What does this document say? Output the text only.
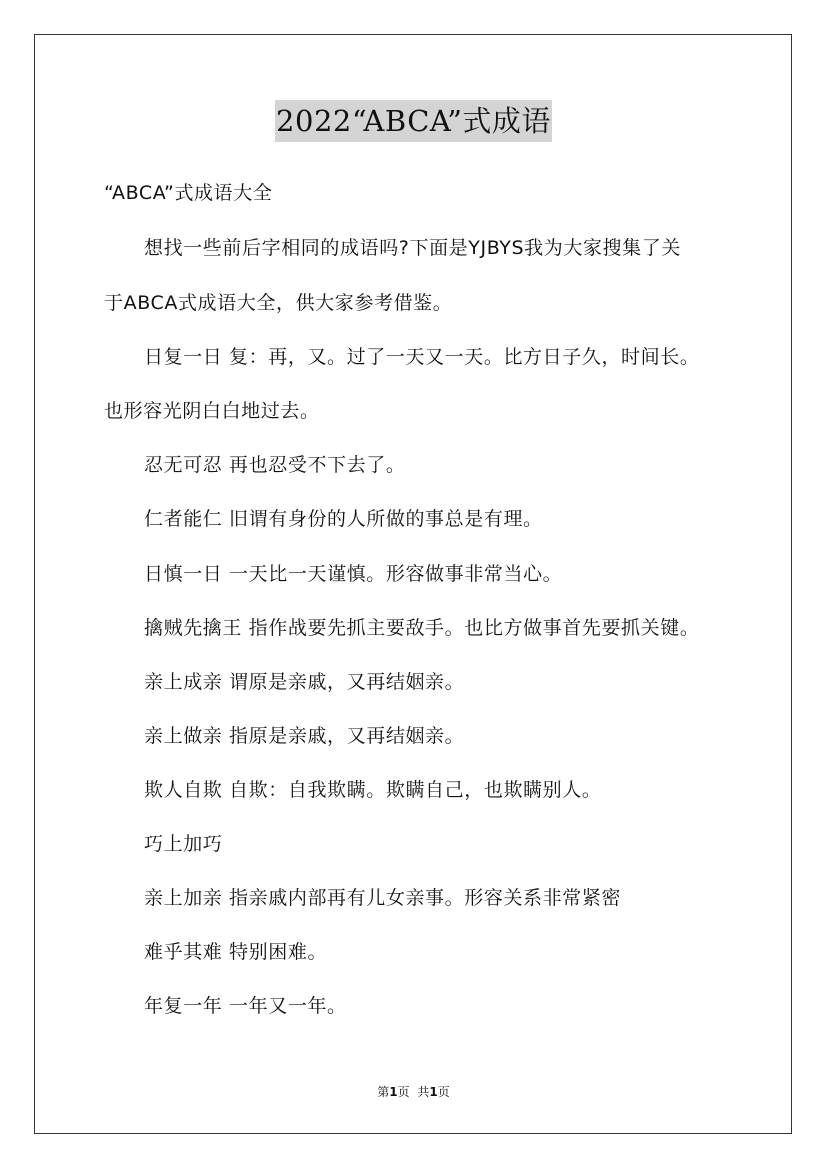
2022“ABCA”式成语
“ABCA”式成语大全
想找一些前后字相同的成语吗?下面是YJBYS我为大家搜集了关
于ABCA式成语大全，供大家参考借鉴。
日复一日 复：再，又。过了一天又一天。比方日子久，时间长。
也形容光阴白白地过去。
忍无可忍 再也忍受不下去了。
仁者能仁 旧谓有身份的人所做的事总是有理。
日慎一日 一天比一天谨慎。形容做事非常当心。
擒贼先擒王 指作战要先抓主要敌手。也比方做事首先要抓关键。
亲上成亲 谓原是亲戚，又再结姻亲。
亲上做亲 指原是亲戚，又再结姻亲。
欺人自欺 自欺：自我欺瞒。欺瞒自己，也欺瞒别人。
巧上加巧
亲上加亲 指亲戚内部再有儿女亲事。形容关系非常紧密
难乎其难 特别困难。
年复一年 一年又一年。
第1页 共1页
